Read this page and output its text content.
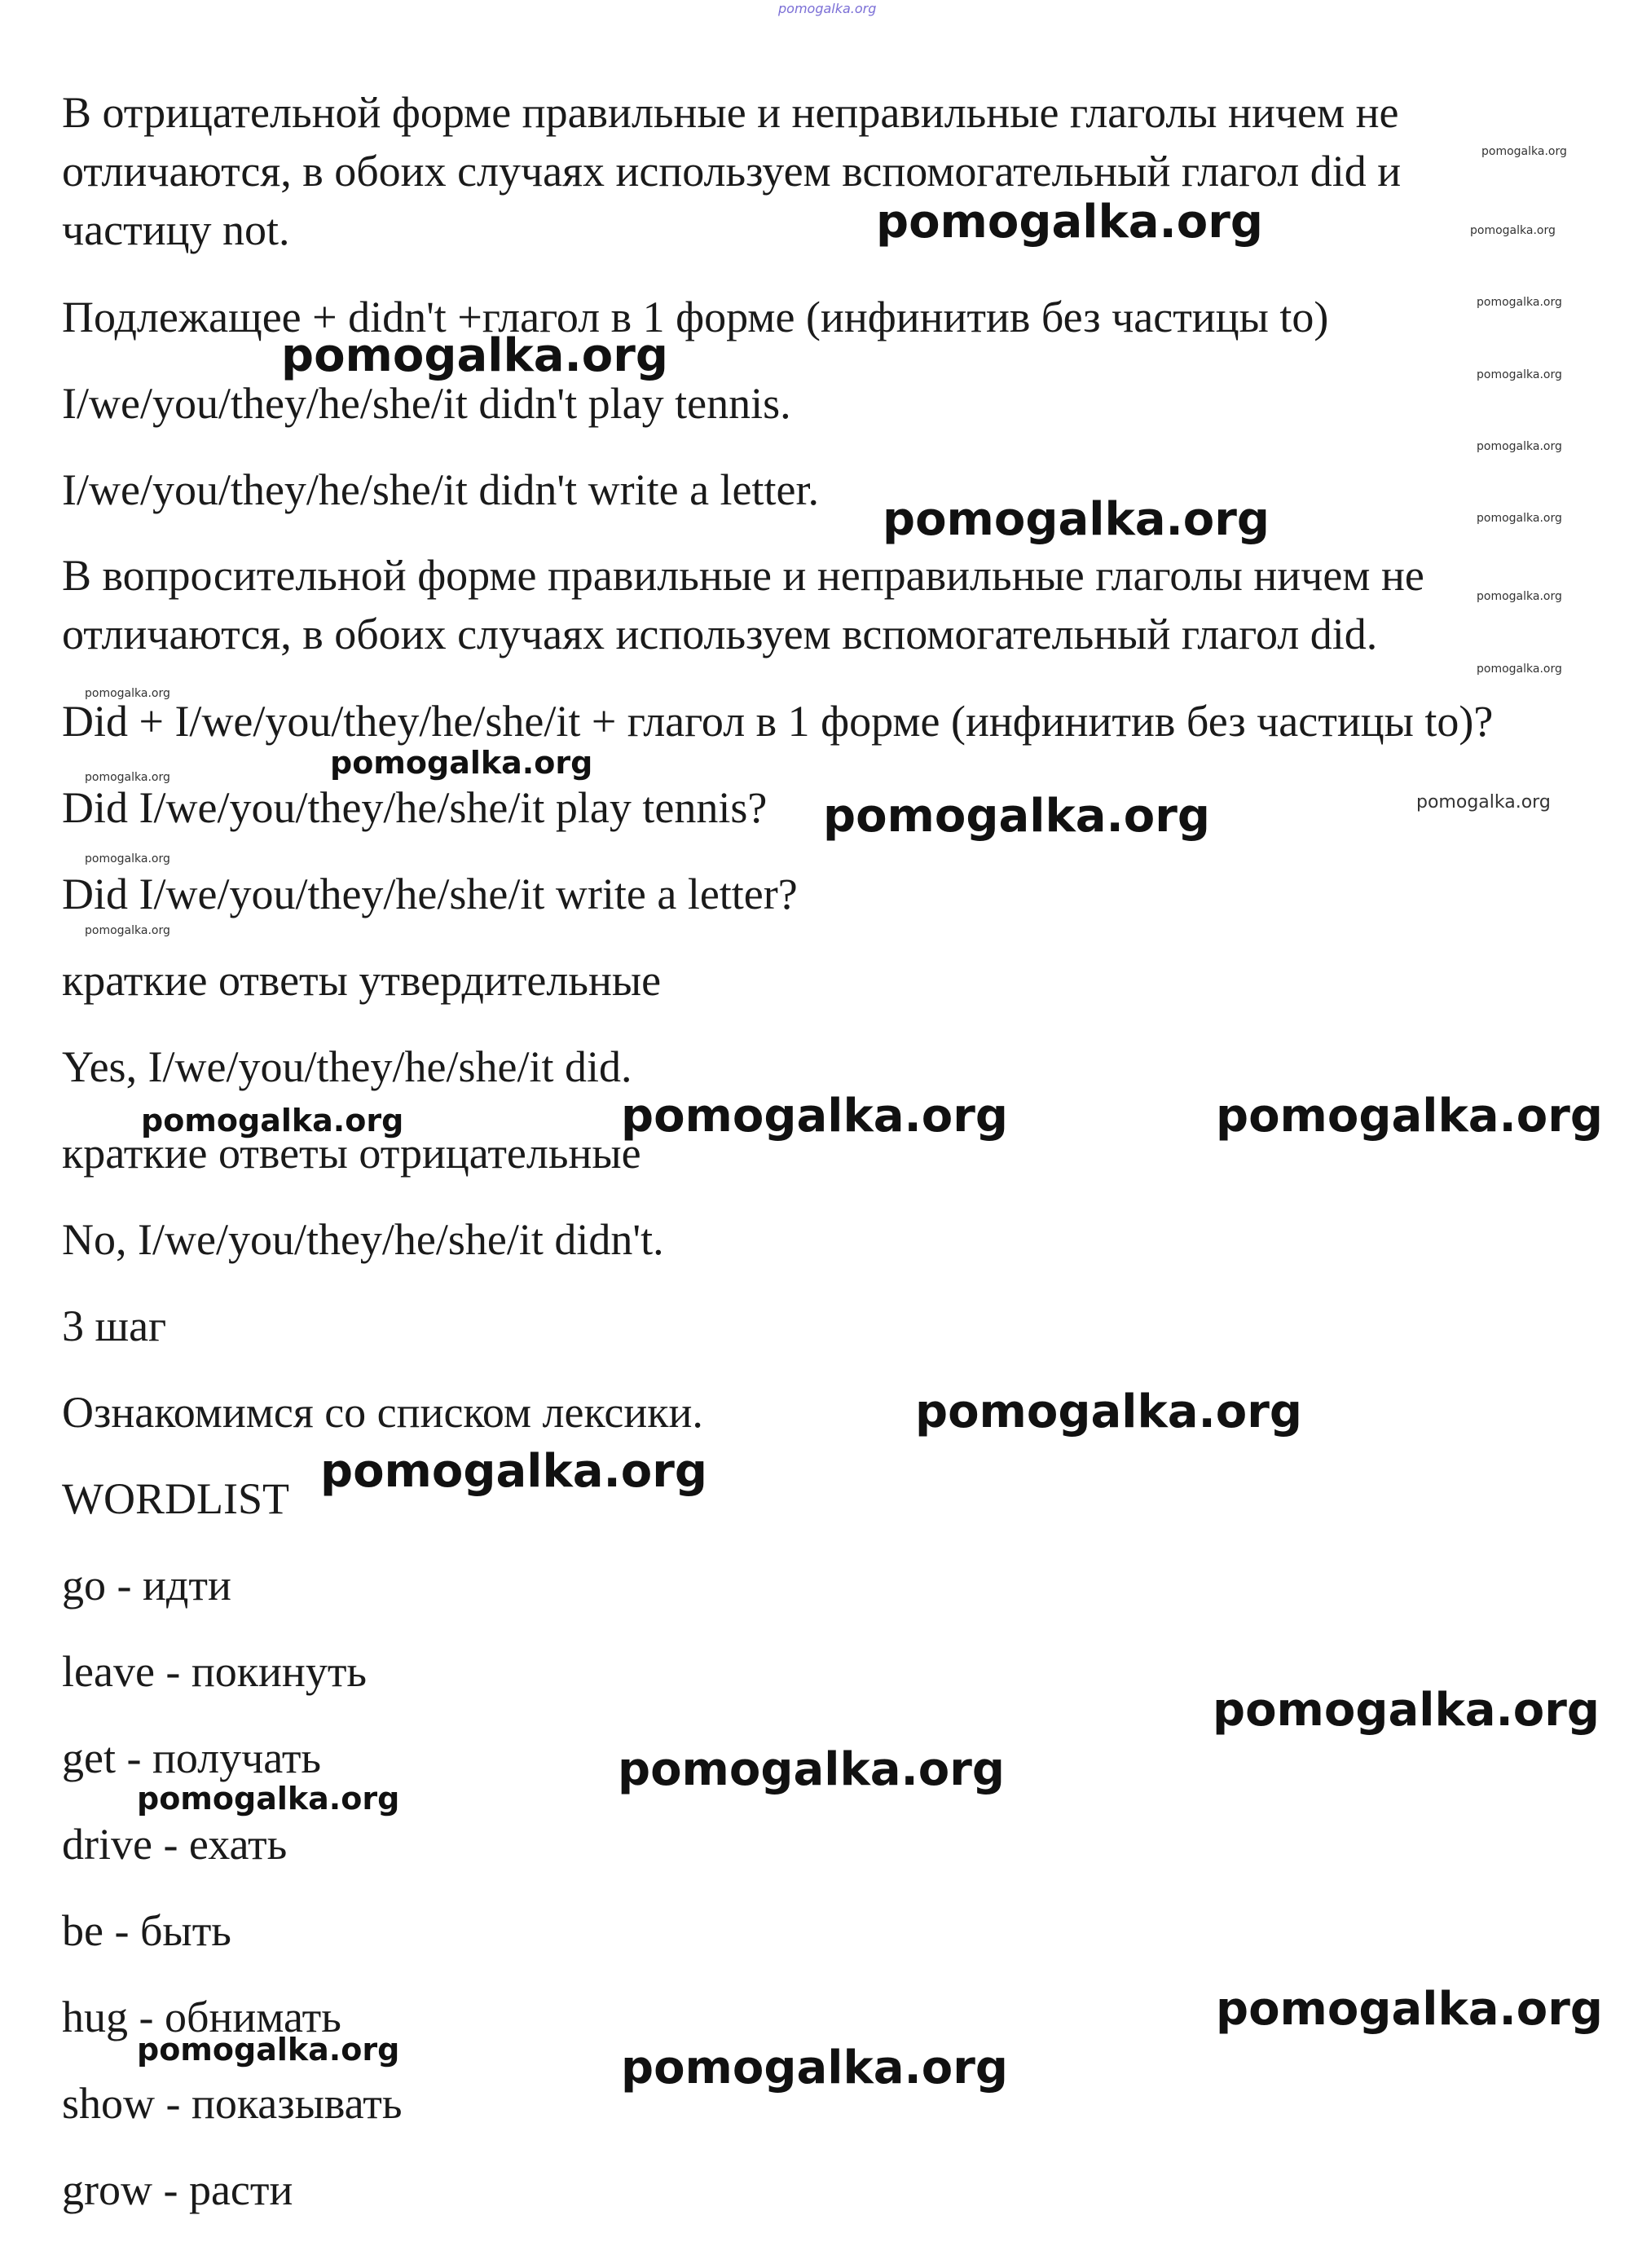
pomogalka.org
В отрицательной форме правильные и неправильные глаголы ничем не
отличаются, в обоих случаях используем вспомогательный глагол did и
частицу not.
Подлежащее + didn't +глагол в 1 форме (инфинитив без частицы to)
I/we/you/they/he/she/it didn't play tennis.
I/we/you/they/he/she/it didn't write a letter.
В вопросительной форме правильные и неправильные глаголы ничем не
отличаются, в обоих случаях используем вспомогательный глагол did.
Did + I/we/you/they/he/she/it + глагол в 1 форме (инфинитив без частицы to)?
Did I/we/you/they/he/she/it play tennis?
Did I/we/you/they/he/she/it write a letter?
краткие ответы утвердительные
Yes, I/we/you/they/he/she/it did.
краткие ответы отрицательные
No, I/we/you/they/he/she/it didn't.
3 шаг
Ознакомимся со списком лексики.
WORDLIST
go - идти
leave - покинуть
get - получать
drive - ехать
be - быть
hug - обнимать
show - показывать
grow - расти
pomogalka.org
pomogalka.org
pomogalka.org
pomogalka.org
pomogalka.org	pomogalka.org
pomogalka.org
pomogalka.org
pomogalka.org
pomogalka.org
pomogalka.org
pomogalka.org
pomogalka.org
pomogalka.org
pomogalka.org
pomogalka.org
pomogalka.org
pomogalka.org
pomogalka.org
pomogalka.org
pomogalka.org
pomogalka.org
pomogalka.org
pomogalka.org
pomogalka.org
pomogalka.org
pomogalka.org
pomogalka.org
pomogalka.org
